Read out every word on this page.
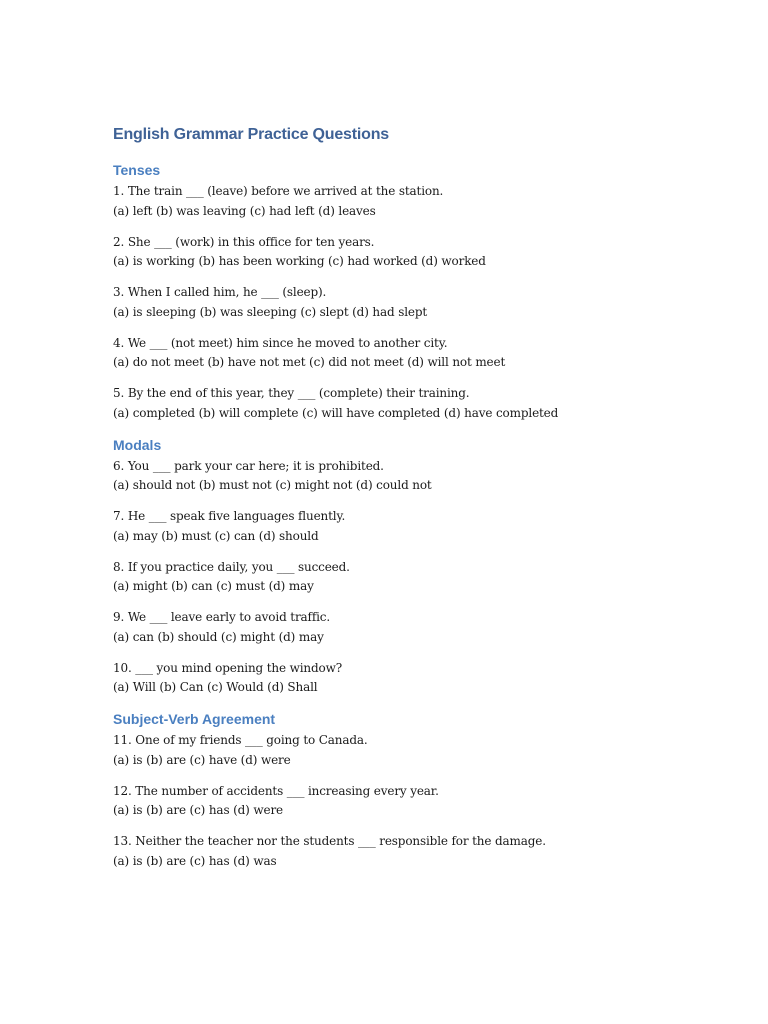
English Grammar Practice Questions
Tenses
1. The train ___ (leave) before we arrived at the station.
(a) left (b) was leaving (c) had left (d) leaves
2. She ___ (work) in this office for ten years.
(a) is working (b) has been working (c) had worked (d) worked
3. When I called him, he ___ (sleep).
(a) is sleeping (b) was sleeping (c) slept (d) had slept
4. We ___ (not meet) him since he moved to another city.
(a) do not meet (b) have not met (c) did not meet (d) will not meet
5. By the end of this year, they ___ (complete) their training.
(a) completed (b) will complete (c) will have completed (d) have completed
Modals
6. You ___ park your car here; it is prohibited.
(a) should not (b) must not (c) might not (d) could not
7. He ___ speak five languages fluently.
(a) may (b) must (c) can (d) should
8. If you practice daily, you ___ succeed.
(a) might (b) can (c) must (d) may
9. We ___ leave early to avoid traffic.
(a) can (b) should (c) might (d) may
10. ___ you mind opening the window?
(a) Will (b) Can (c) Would (d) Shall
Subject-Verb Agreement
11. One of my friends ___ going to Canada.
(a) is (b) are (c) have (d) were
12. The number of accidents ___ increasing every year.
(a) is (b) are (c) has (d) were
13. Neither the teacher nor the students ___ responsible for the damage.
(a) is (b) are (c) has (d) was
